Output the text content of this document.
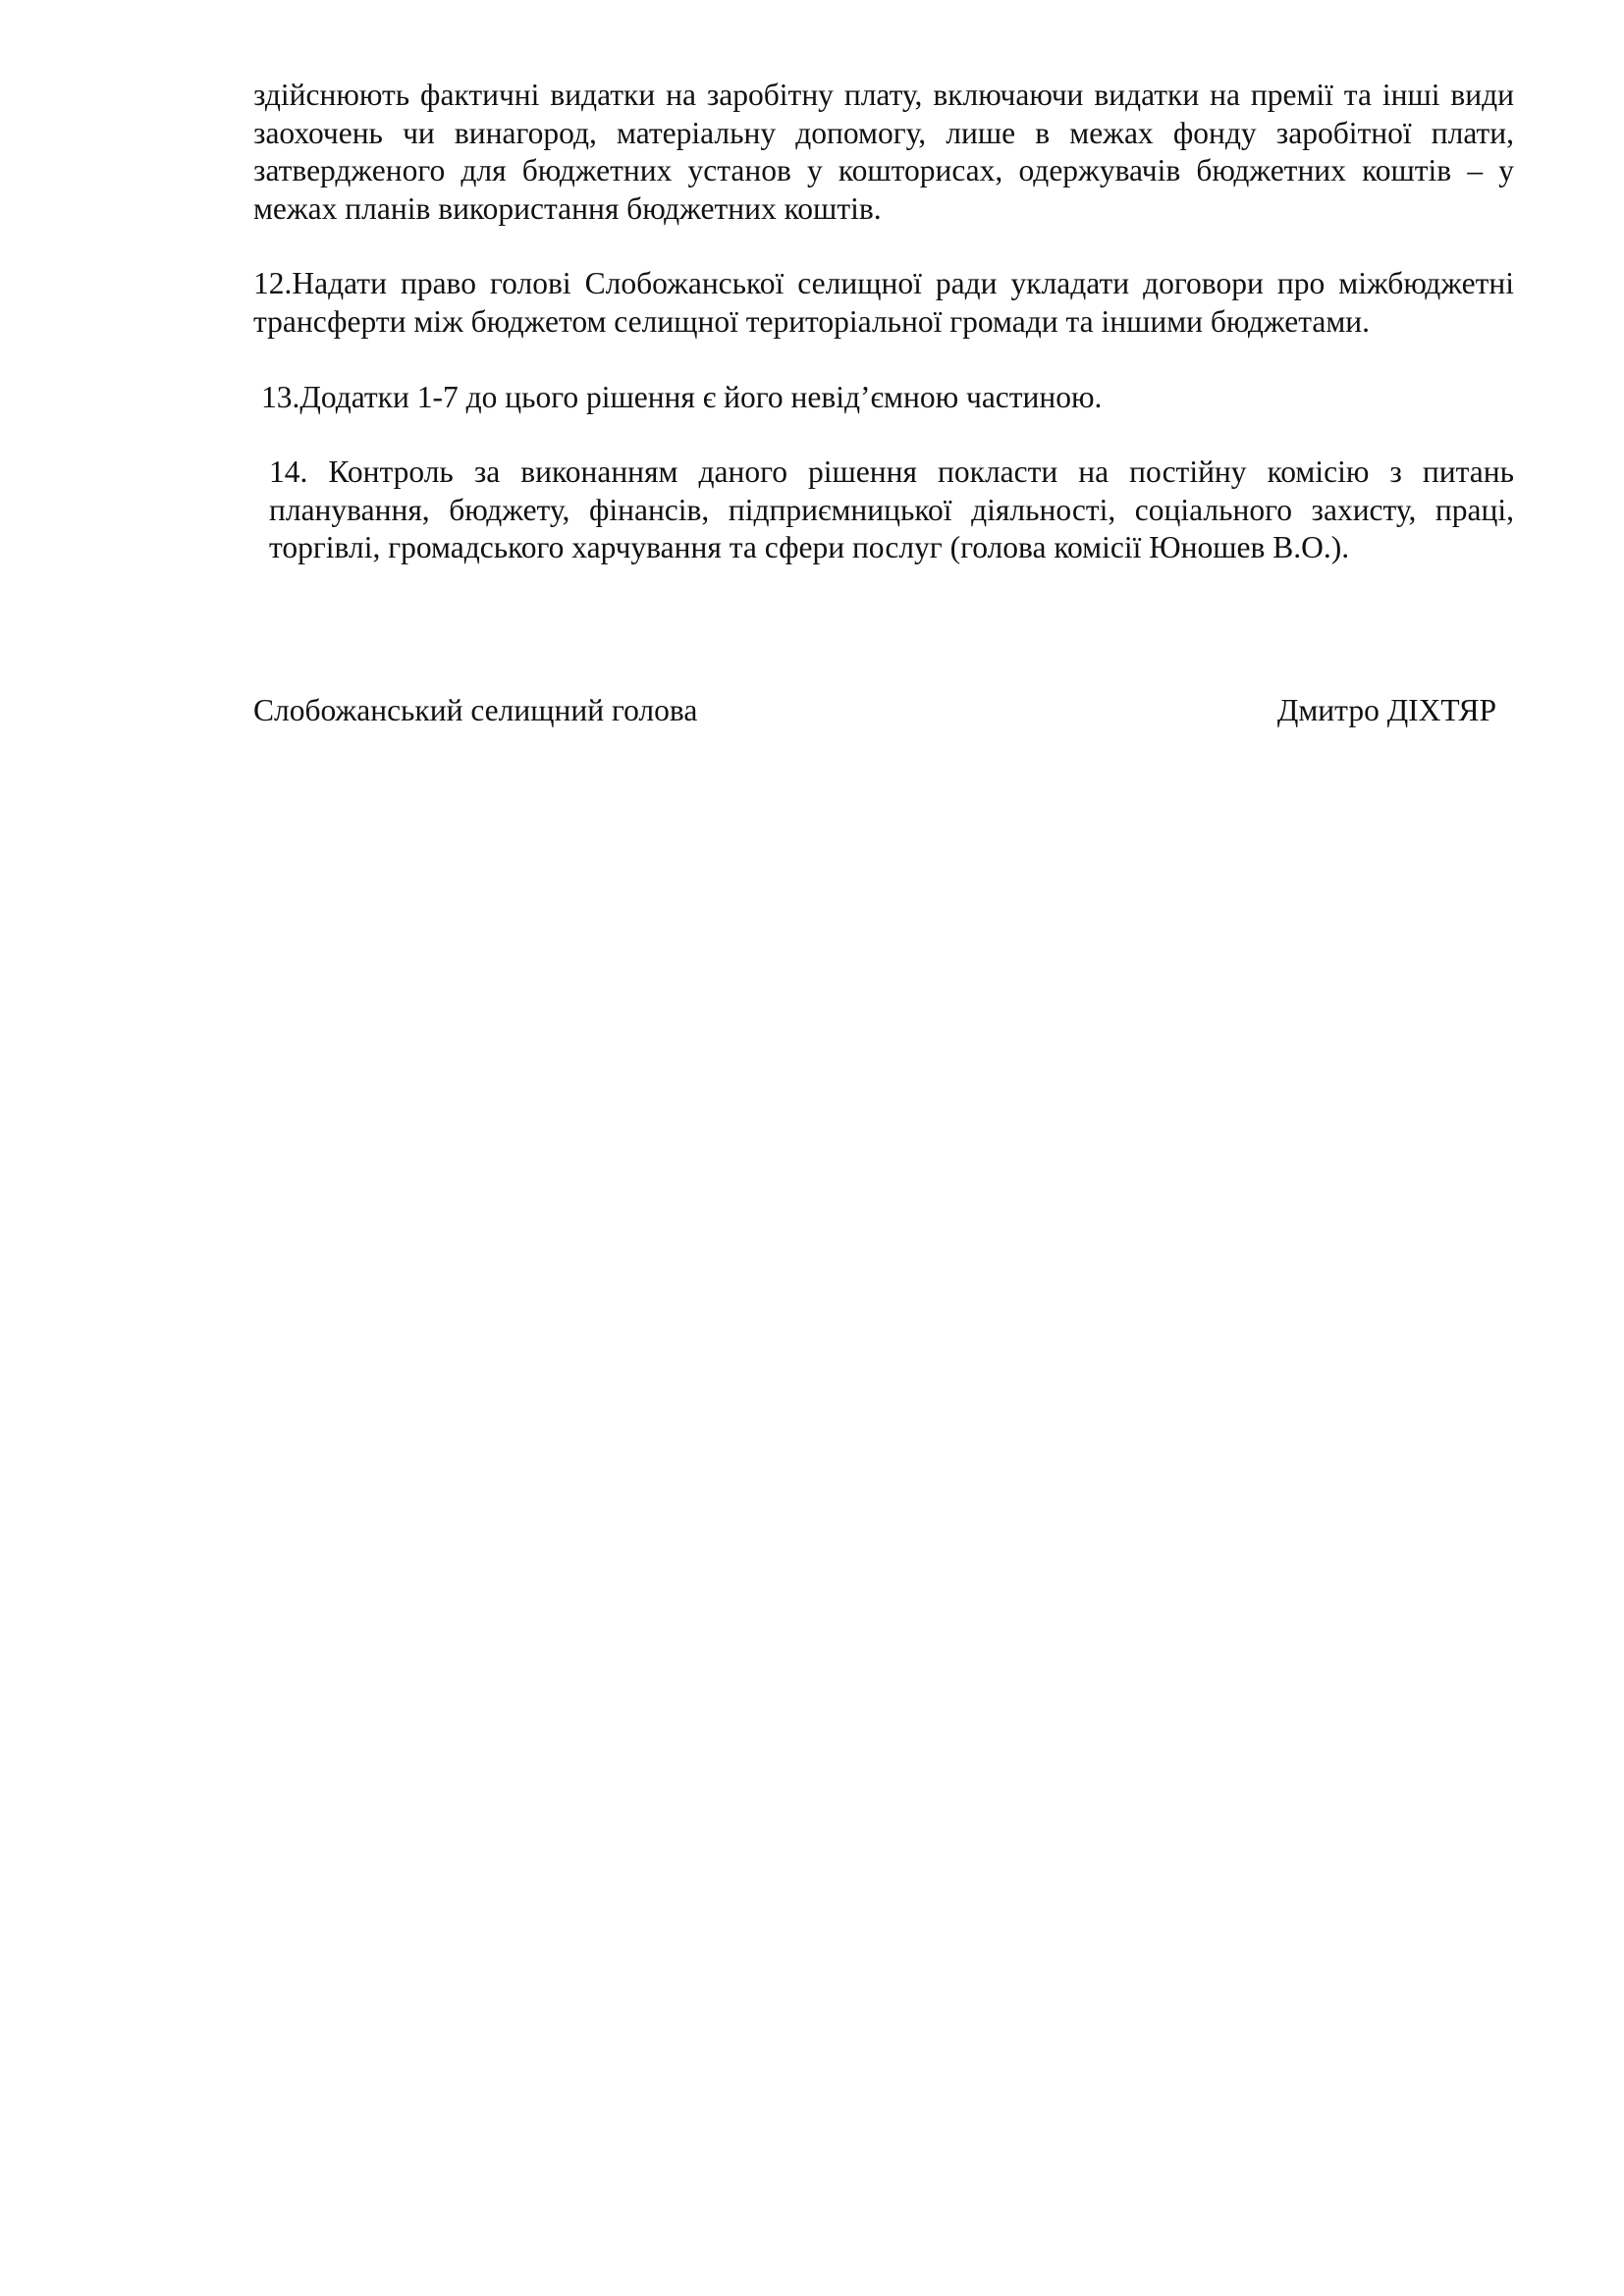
здійснюють фактичні видатки на заробітну плату, включаючи видатки на премії та інші види заохочень чи винагород, матеріальну допомогу, лише в межах фонду заробітної плати, затвердженого для бюджетних установ у кошторисах, одержувачів бюджетних коштів – у межах планів використання бюджетних коштів.

12.Надати право голові Слобожанської селищної ради укладати договори про міжбюджетні трансферти між бюджетом селищної територіальної громади та іншими бюджетами.

13.Додатки 1-7 до цього рішення є його невід’ємною частиною.

14. Контроль за виконанням даного рішення покласти на постійну комісію з питань планування, бюджету, фінансів, підприємницької діяльності, соціального захисту, праці, торгівлі, громадського харчування та сфери послуг (голова комісії Юношев В.О.).

Слобожанський селищний голова	Дмитро ДІХТЯР
